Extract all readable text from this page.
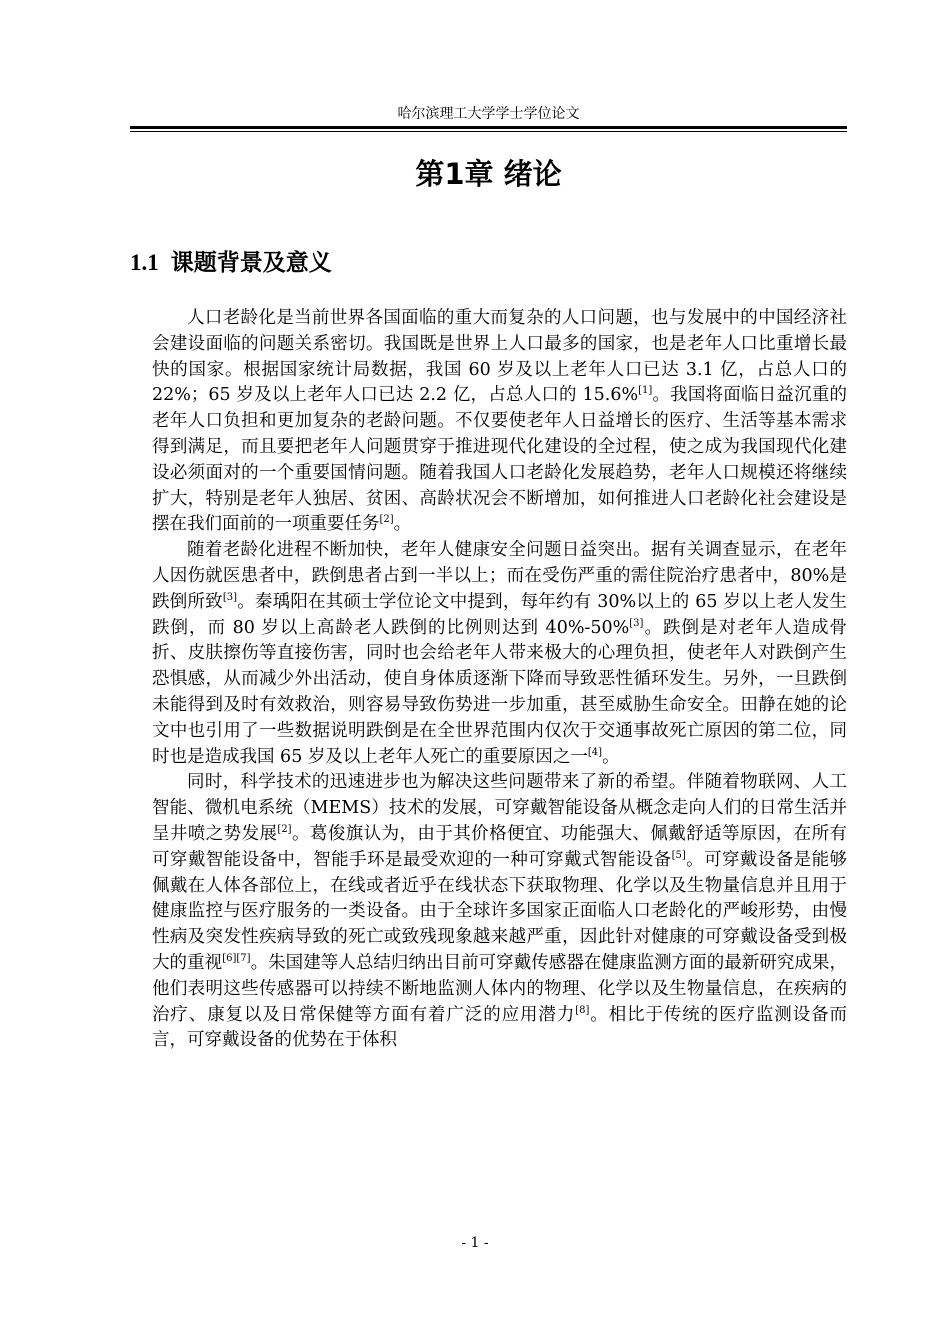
哈尔滨理工大学学士学位论文
第1章 绪论
1.1 课题背景及意义

人口老龄化是当前世界各国面临的重大而复杂的人口问题，也与发展中的中国经济社会建设面临的问题关系密切。我国既是世界上人口最多的国家，也是老年人口比重增长最快的国家。根据国家统计局数据，我国 60 岁及以上老年人口已达 3.1 亿，占总人口的 22%；65 岁及以上老年人口已达 2.2 亿，占总人口的 15.6%[1]。我国将面临日益沉重的老年人口负担和更加复杂的老龄问题。不仅要使老年人日益增长的医疗、生活等基本需求得到满足，而且要把老年人问题贯穿于推进现代化建设的全过程，使之成为我国现代化建设必须面对的一个重要国情问题。随着我国人口老龄化发展趋势，老年人口规模还将继续扩大，特别是老年人独居、贫困、高龄状况会不断增加，如何推进人口老龄化社会建设是摆在我们面前的一项重要任务[2]。

随着老龄化进程不断加快，老年人健康安全问题日益突出。据有关调查显示，在老年人因伤就医患者中，跌倒患者占到一半以上；而在受伤严重的需住院治疗患者中，80%是跌倒所致[3]。秦瑀阳在其硕士学位论文中提到，每年约有 30%以上的 65 岁以上老人发生跌倒，而 80 岁以上高龄老人跌倒的比例则达到 40%-50%[3]。跌倒是对老年人造成骨折、皮肤擦伤等直接伤害，同时也会给老年人带来极大的心理负担，使老年人对跌倒产生恐惧感，从而减少外出活动，使自身体质逐渐下降而导致恶性循环发生。另外，一旦跌倒未能得到及时有效救治，则容易导致伤势进一步加重，甚至威胁生命安全。田静在她的论文中也引用了一些数据说明跌倒是在全世界范围内仅次于交通事故死亡原因的第二位，同时也是造成我国 65 岁及以上老年人死亡的重要原因之一[4]。

同时，科学技术的迅速进步也为解决这些问题带来了新的希望。伴随着物联网、人工智能、微机电系统（MEMS）技术的发展，可穿戴智能设备从概念走向人们的日常生活并呈井喷之势发展[2]。葛俊旗认为，由于其价格便宜、功能强大、佩戴舒适等原因，在所有可穿戴智能设备中，智能手环是最受欢迎的一种可穿戴式智能设备[5]。可穿戴设备是能够佩戴在人体各部位上，在线或者近乎在线状态下获取物理、化学以及生物量信息并且用于健康监控与医疗服务的一类设备。由于全球许多国家正面临人口老龄化的严峻形势，由慢性病及突发性疾病导致的死亡或致残现象越来越严重，因此针对健康的可穿戴设备受到极大的重视[6][7]。朱国建等人总结归纳出目前可穿戴传感器在健康监测方面的最新研究成果，他们表明这些传感器可以持续不断地监测人体内的物理、化学以及生物量信息，在疾病的治疗、康复以及日常保健等方面有着广泛的应用潜力[8]。相比于传统的医疗监测设备而言，可穿戴设备的优势在于体积

- 1 -
